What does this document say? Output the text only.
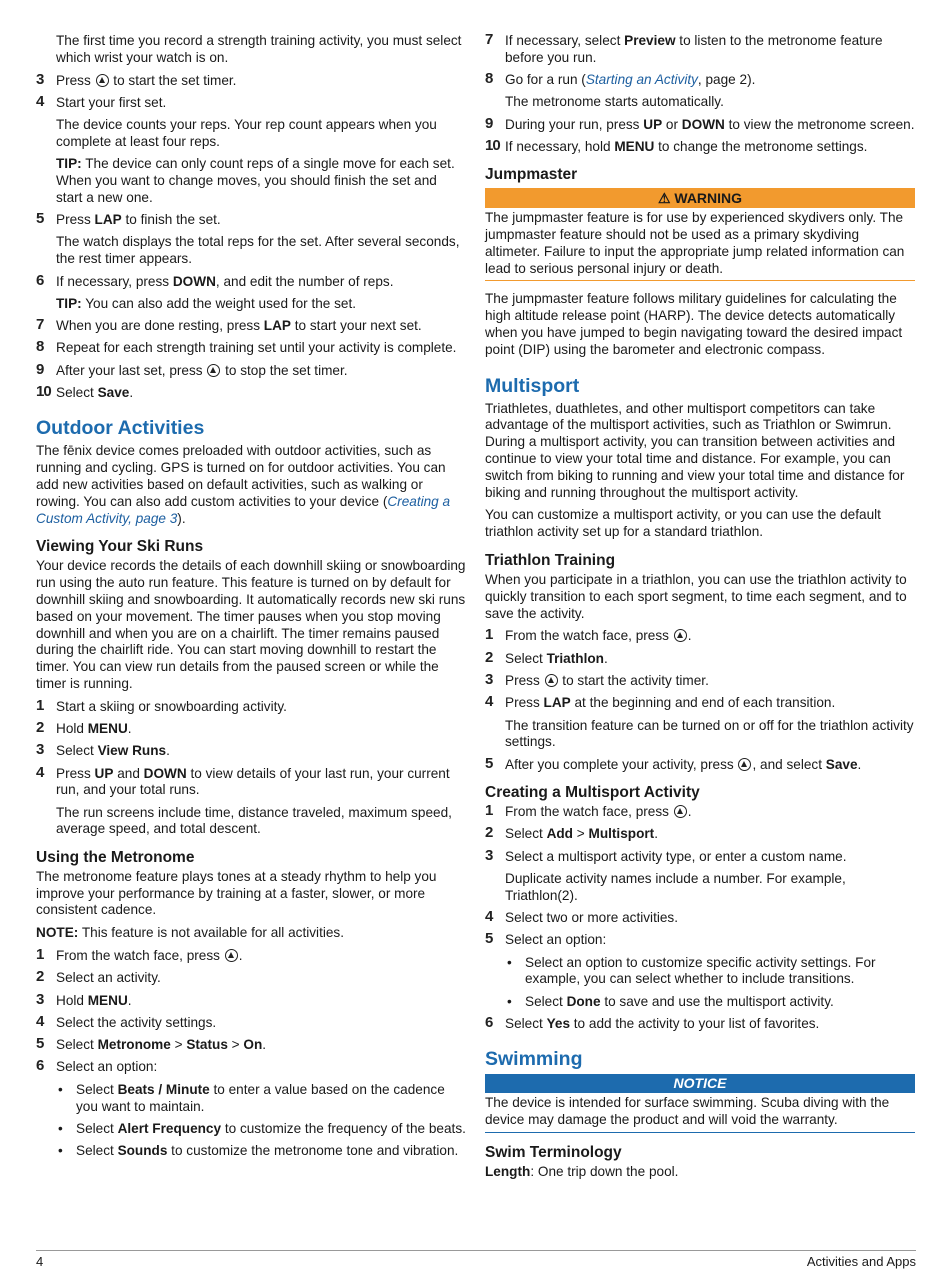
The first time you record a strength training activity, you must select which wrist your watch is on.

3 Press  to start the set timer.
4 Start your first set.

The device counts your reps. Your rep count appears when you complete at least four reps.

TIP: The device can only count reps of a single move for each set. When you want to change moves, you should finish the set and start a new one.

5 Press LAP to finish the set.

The watch displays the total reps for the set. After several seconds, the rest timer appears.

6 If necessary, press DOWN, and edit the number of reps.

TIP: You can also add the weight used for the set.

7 When you are done resting, press LAP to start your next set.
8 Repeat for each strength training set until your activity is complete.
9 After your last set, press  to stop the set timer.
10 Select Save.
Outdoor Activities

The fēnix device comes preloaded with outdoor activities, such as running and cycling. GPS is turned on for outdoor activities. You can add new activities based on default activities, such as walking or rowing. You can also add custom activities to your device (Creating a Custom Activity, page 3).

Viewing Your Ski Runs

Your device records the details of each downhill skiing or snowboarding run using the auto run feature. This feature is turned on by default for downhill skiing and snowboarding. It automatically records new ski runs based on your movement. The timer pauses when you stop moving downhill and when you are on a chairlift. The timer remains paused during the chairlift ride. You can start moving downhill to restart the timer. You can view run details from the paused screen or while the timer is running.

1 Start a skiing or snowboarding activity.
2 Hold MENU.
3 Select View Runs.
4 Press UP and DOWN to view details of your last run, your current run, and your total runs.

The run screens include time, distance traveled, maximum speed, average speed, and total descent.

Using the Metronome

The metronome feature plays tones at a steady rhythm to help you improve your performance by training at a faster, slower, or more consistent cadence.

NOTE: This feature is not available for all activities.

1 From the watch face, press .
2 Select an activity.
3 Hold MENU.
4 Select the activity settings.
5 Select Metronome > Status > On.
6 Select an option:
• Select Beats / Minute to enter a value based on the cadence you want to maintain.
• Select Alert Frequency to customize the frequency of the beats.
• Select Sounds to customize the metronome tone and vibration.
7 If necessary, select Preview to listen to the metronome feature before you run.
8 Go for a run (Starting an Activity, page 2).

The metronome starts automatically.

9 During your run, press UP or DOWN to view the metronome screen.
10 If necessary, hold MENU to change the metronome settings.
Jumpmaster
⚠ WARNING

The jumpmaster feature is for use by experienced skydivers only. The jumpmaster feature should not be used as a primary skydiving altimeter. Failure to input the appropriate jump related information can lead to serious personal injury or death.

The jumpmaster feature follows military guidelines for calculating the high altitude release point (HARP). The device detects automatically when you have jumped to begin navigating toward the desired impact point (DIP) using the barometer and electronic compass.

Multisport

Triathletes, duathletes, and other multisport competitors can take advantage of the multisport activities, such as Triathlon or Swimrun. During a multisport activity, you can transition between activities and continue to view your total time and distance. For example, you can switch from biking to running and view your total time and distance for biking and running throughout the multisport activity.

You can customize a multisport activity, or you can use the default triathlon activity set up for a standard triathlon.

Triathlon Training

When you participate in a triathlon, you can use the triathlon activity to quickly transition to each sport segment, to time each segment, and to save the activity.

1 From the watch face, press .
2 Select Triathlon.
3 Press  to start the activity timer.
4 Press LAP at the beginning and end of each transition.

The transition feature can be turned on or off for the triathlon activity settings.

5 After you complete your activity, press , and select Save.
Creating a Multisport Activity
1 From the watch face, press .
2 Select Add > Multisport.
3 Select a multisport activity type, or enter a custom name.

Duplicate activity names include a number. For example, Triathlon(2).

4 Select two or more activities.
5 Select an option:
• Select an option to customize specific activity settings. For example, you can select whether to include transitions.
• Select Done to save and use the multisport activity.
6 Select Yes to add the activity to your list of favorites.
Swimming
NOTICE

The device is intended for surface swimming. Scuba diving with the device may damage the product and will void the warranty.

Swim Terminology

Length: One trip down the pool.

4	Activities and Apps
